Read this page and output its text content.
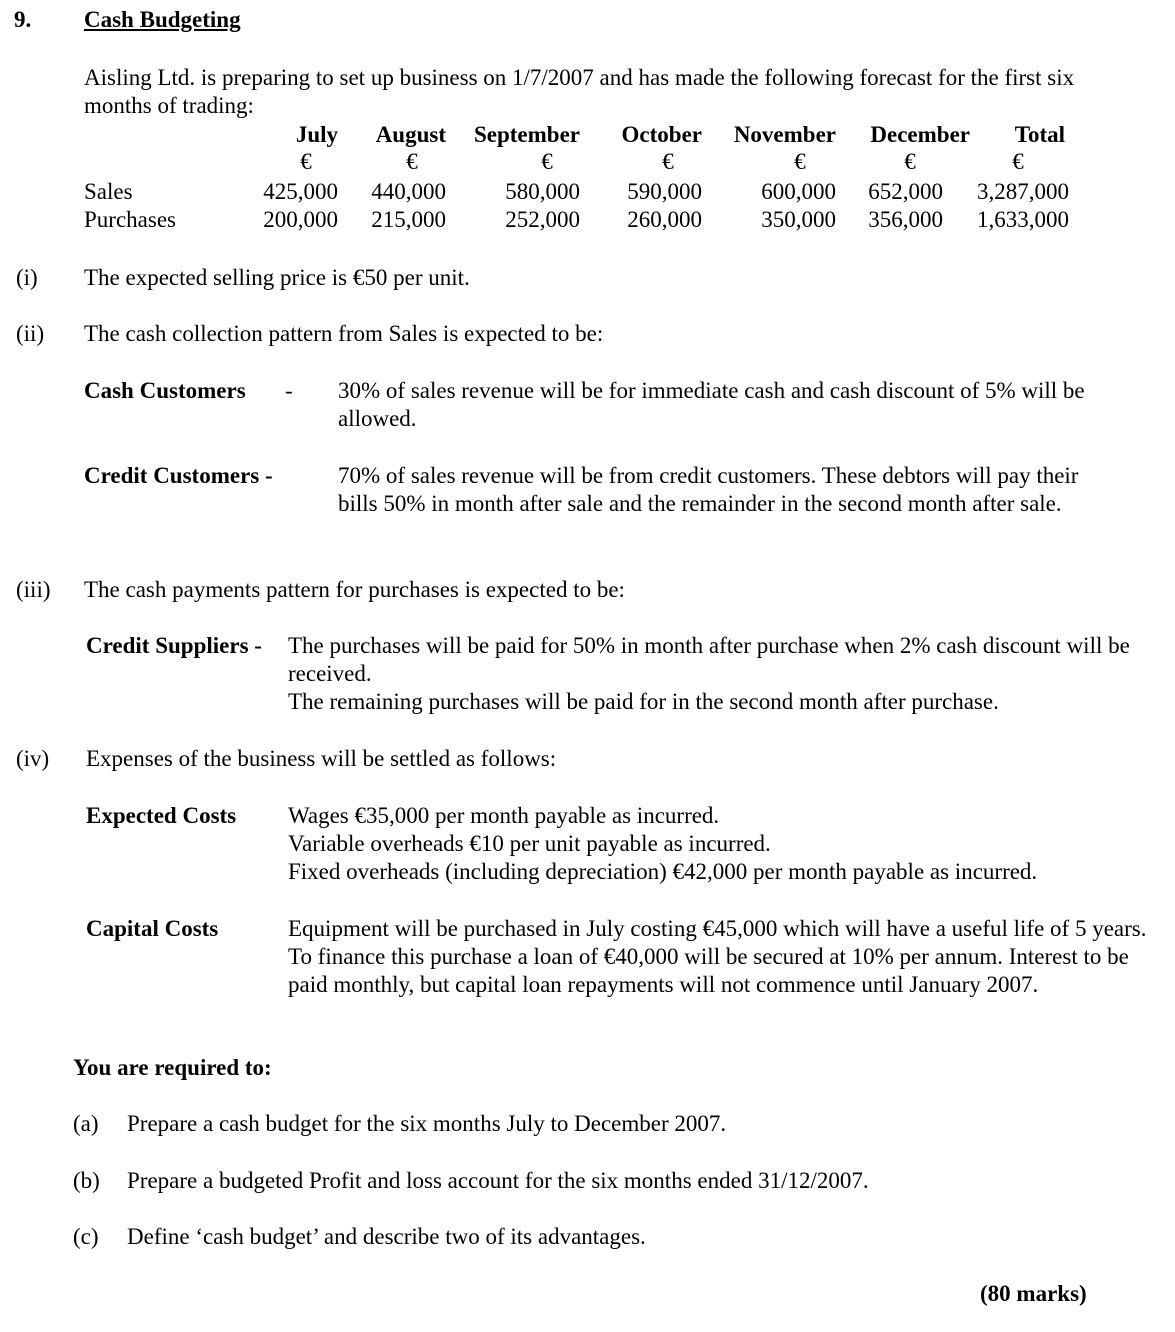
9. Cash Budgeting
Aisling Ltd. is preparing to set up business on 1/7/2007 and has made the following forecast for the first six months of trading:
July	August	September	October	November	December	Total
€	€	€	€	€	€	€
Sales	425,000	440,000	580,000	590,000	600,000	652,000	3,287,000
Purchases	200,000	215,000	252,000	260,000	350,000	356,000	1,633,000
(i) The expected selling price is €50 per unit.
(ii) The cash collection pattern from Sales is expected to be:
Cash Customers - 30% of sales revenue will be for immediate cash and cash discount of 5% will be allowed.
Credit Customers -	70% of sales revenue will be from credit customers. These debtors will pay their bills 50% in month after sale and the remainder in the second month after sale.
(iii) The cash payments pattern for purchases is expected to be:
Credit Suppliers - The purchases will be paid for 50% in month after purchase when 2% cash discount will be received.
The remaining purchases will be paid for in the second month after purchase.
(iv) Expenses of the business will be settled as follows:
Expected Costs Wages €35,000 per month payable as incurred.
Variable overheads €10 per unit payable as incurred.
Fixed overheads (including depreciation) €42,000 per month payable as incurred.
Capital Costs	Equipment will be purchased in July costing €45,000 which will have a useful life of 5 years. To finance this purchase a loan of €40,000 will be secured at 10% per annum. Interest to be paid monthly, but capital loan repayments will not commence until January 2007.
You are required to:
(a) Prepare a cash budget for the six months July to December 2007.
(b) Prepare a budgeted Profit and loss account for the six months ended 31/12/2007.
(c) Define ‘cash budget’ and describe two of its advantages.
(80 marks)
